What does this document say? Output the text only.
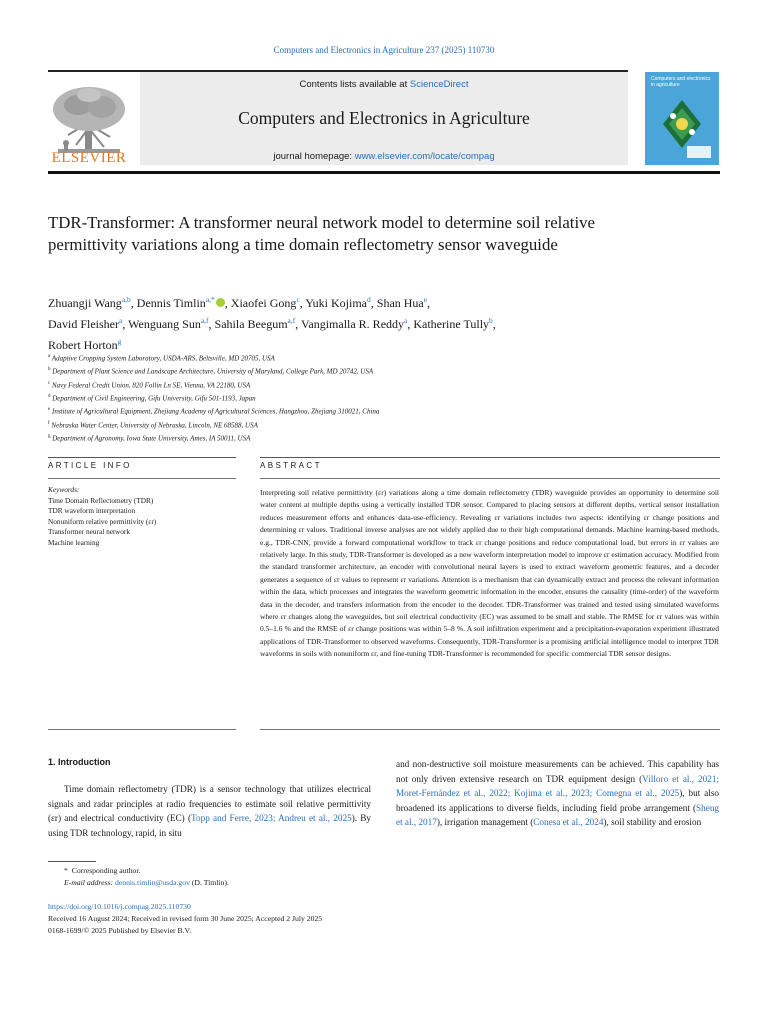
Computers and Electronics in Agriculture 237 (2025) 110730
ELSEVIER
Contents lists available at ScienceDirect
Computers and Electronics in Agriculture
journal homepage: www.elsevier.com/locate/compag
Computers and electronics in agriculture
TDR-Transformer: A transformer neural network model to determine soil relative permittivity variations along a time domain reflectometry sensor waveguide
Zhuangji Wang$^{a,b}$, Dennis Timlin$^{a,*}$ , Xiaofei Gong$^c$, Yuki Kojima$^d$, Shan Hua$^e$,
David Fleisher$^a$, Wenguang Sun$^{a,f}$, Sahila Beegum$^{a,f}$, Vangimalla R. Reddy$^a$, Katherine Tully$^b$,
Robert Horton$^g$
$^a$ Adaptive Cropping System Laboratory, USDA-ARS, Beltsville, MD 20705, USA
$^b$ Department of Plant Science and Landscape Architecture, University of Maryland, College Park, MD 20742, USA
$^c$ Navy Federal Credit Union, 820 Follin Ln SE, Vienna, VA 22180, USA
$^d$ Department of Civil Engineering, Gifu University, Gifu 501-1193, Japan
$^e$ Institute of Agricultural Equipment, Zhejiang Academy of Agricultural Sciences, Hangzhou, Zhejiang 310021, China
$^f$ Nebraska Water Center, University of Nebraska, Lincoln, NE 68588, USA
$^g$ Department of Agronomy, Iowa State University, Ames, IA 50011, USA
ARTICLE INFO	ABSTRACT
Keywords:
Time Domain Reflectometry (TDR)
TDR waveform interpretation
Nonuniform relative permittivity (εr)
Transformer neural network
Machine learning
Interpreting soil relative permittivity (εr) variations along a time domain reflectometry (TDR) waveguide provides an opportunity to determine soil water content at multiple depths using a vertically installed TDR sensor. Compared to placing sensors at different depths, vertical sensor installation reduces measurement efforts and enhances data-use-efficiency. Revealing εr variations includes two aspects: identifying εr change positions and determining εr values. Traditional inverse analyses are not widely applied due to their high computational demands. Machine learning-based methods, e.g., TDR-CNN, provide a forward computational workflow to track εr change positions and reduce computational load, but errors in εr values are relatively large. In this study, TDR-Transformer is developed as a new waveform interpretation model to improve εr estimation accuracy. Modified from the standard transformer architecture, an encoder with convolutional neural layers is used to extract waveform geometric features, and a decoder generates a sequence of εr values to represent εr variations. Attention is a mechanism that can dynamically extract and process the relevant information within the data, which processes and integrates the waveform geometric information in the encoder, ensures the causality (time-order) of the waveform data in the decoder, and transfers information from the encoder to the decoder. TDR-Transformer was trained and tested using simulated waveforms where εr changes along the waveguides, but soil electrical conductivity (EC) was assumed to be small and stable. The RMSE for εr values was within 0.5–1.6 % and the RMSE of εr change positions was within 5–8 %. A soil infiltration experiment and a precipitation-evaporation experiment illustrated applications of TDR-Transformer to observed waveforms. Consequently, TDR-Transformer is a promising artificial intelligence model to interpret TDR waveforms in soils with nonuniform εr, and fine-tuning TDR-Transformer is recommended for specific commercial TDR sensor designs.
1. Introduction
Time domain reflectometry (TDR) is a sensor technology that utilizes electrical signals and radar principles at radio frequencies to estimate soil relative permittivity (εr) and electrical conductivity (EC) (Topp and Ferre, 2023; Andreu et al., 2025). By using TDR technology, rapid, in situ
and non-destructive soil moisture measurements can be achieved. This capability has not only driven extensive research on TDR equipment design (Villoro et al., 2021; Moret-Fernández et al., 2022; Kojima et al., 2023; Comegna et al., 2025), but also broadened its applications to diverse fields, including field probe arrangement (Sheng et al., 2017), irrigation management (Conesa et al., 2024), soil stability and erosion
* Corresponding author.
E-mail address: dennis.timlin@usda.gov (D. Timlin).
https://doi.org/10.1016/j.compag.2025.110730
Received 16 August 2024; Received in revised form 30 June 2025; Accepted 2 July 2025
0168-1699/© 2025 Published by Elsevier B.V.
